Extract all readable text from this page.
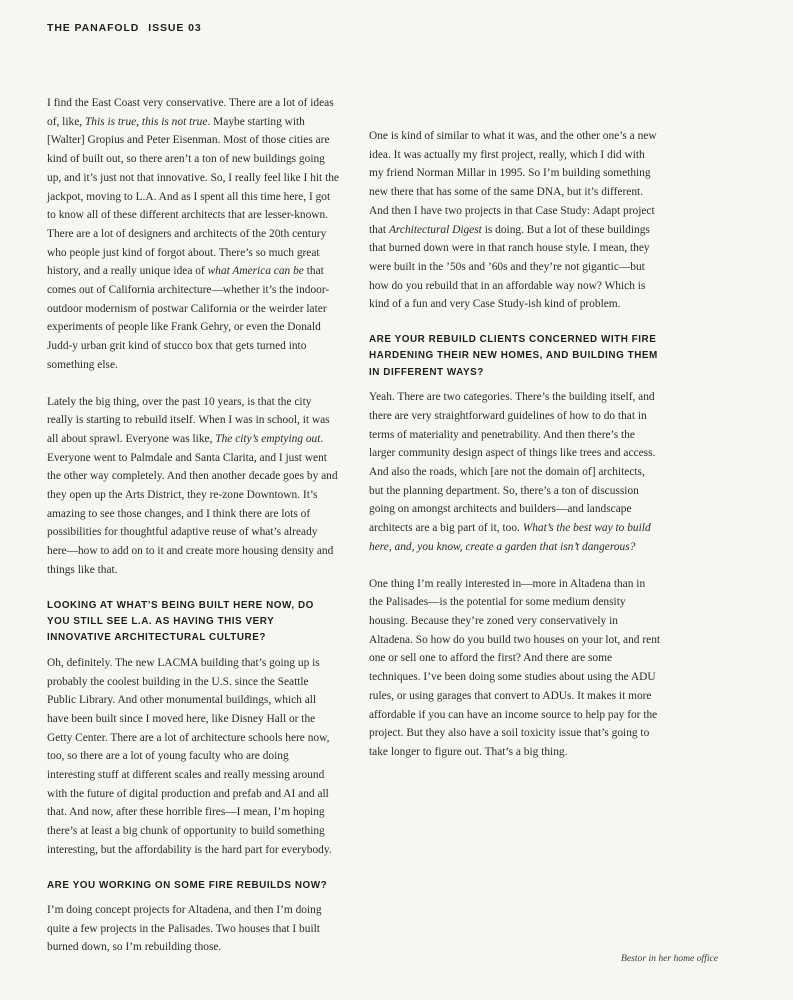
THE PANAFOLD ISSUE 03

I find the East Coast very conservative. There are a lot of ideas of, like, This is true, this is not true. Maybe starting with [Walter] Gropius and Peter Eisenman. Most of those cities are kind of built out, so there aren’t a ton of new buildings going up, and it’s just not that innovative. So, I really feel like I hit the jackpot, moving to L.A. And as I spent all this time here, I got to know all of these different architects that are lesser-known. There are a lot of designers and architects of the 20th century who people just kind of forgot about. There’s so much great history, and a really unique idea of what America can be that comes out of California architecture—whether it’s the indoor-outdoor modernism of postwar California or the weirder later experiments of people like Frank Gehry, or even the Donald Judd-y urban grit kind of stucco box that gets turned into something else.

Lately the big thing, over the past 10 years, is that the city really is starting to rebuild itself. When I was in school, it was all about sprawl. Everyone was like, The city’s emptying out. Everyone went to Palmdale and Santa Clarita, and I just went the other way completely. And then another decade goes by and they open up the Arts District, they re-zone Downtown. It’s amazing to see those changes, and I think there are lots of possibilities for thoughtful adaptive reuse of what’s already here—how to add on to it and create more housing density and things like that.

LOOKING AT WHAT’S BEING BUILT HERE NOW, DO YOU STILL SEE L.A. AS HAVING THIS VERY INNOVATIVE ARCHITECTURAL CULTURE?

Oh, definitely. The new LACMA building that’s going up is probably the coolest building in the U.S. since the Seattle Public Library. And other monumental buildings, which all have been built since I moved here, like Disney Hall or the Getty Center. There are a lot of architecture schools here now, too, so there are a lot of young faculty who are doing interesting stuff at different scales and really messing around with the future of digital production and prefab and AI and all that. And now, after these horrible fires—I mean, I’m hoping there’s at least a big chunk of opportunity to build something interesting, but the affordability is the hard part for everybody.

ARE YOU WORKING ON SOME FIRE REBUILDS NOW?

I’m doing concept projects for Altadena, and then I’m doing quite a few projects in the Palisades. Two houses that I built burned down, so I’m rebuilding those.

One is kind of similar to what it was, and the other one’s a new idea. It was actually my first project, really, which I did with my friend Norman Millar in 1995. So I’m building something new there that has some of the same DNA, but it’s different. And then I have two projects in that Case Study: Adapt project that Architectural Digest is doing. But a lot of these buildings that burned down were in that ranch house style. I mean, they were built in the ’50s and ’60s and they’re not gigantic—but how do you rebuild that in an affordable way now? Which is kind of a fun and very Case Study-ish kind of problem.

ARE YOUR REBUILD CLIENTS CONCERNED WITH FIRE HARDENING THEIR NEW HOMES, AND BUILDING THEM IN DIFFERENT WAYS?

Yeah. There are two categories. There’s the building itself, and there are very straightforward guidelines of how to do that in terms of materiality and penetrability. And then there’s the larger community design aspect of things like trees and access. And also the roads, which [are not the domain of] architects, but the planning department. So, there’s a ton of discussion going on amongst architects and builders—and landscape architects are a big part of it, too. What’s the best way to build here, and, you know, create a garden that isn’t dangerous?

One thing I’m really interested in—more in Altadena than in the Palisades—is the potential for some medium density housing. Because they’re zoned very conservatively in Altadena. So how do you build two houses on your lot, and rent one or sell one to afford the first? And there are some techniques. I’ve been doing some studies about using the ADU rules, or using garages that convert to ADUs. It makes it more affordable if you can have an income source to help pay for the project. But they also have a soil toxicity issue that’s going to take longer to figure out. That’s a big thing.

Bestor in her home office
